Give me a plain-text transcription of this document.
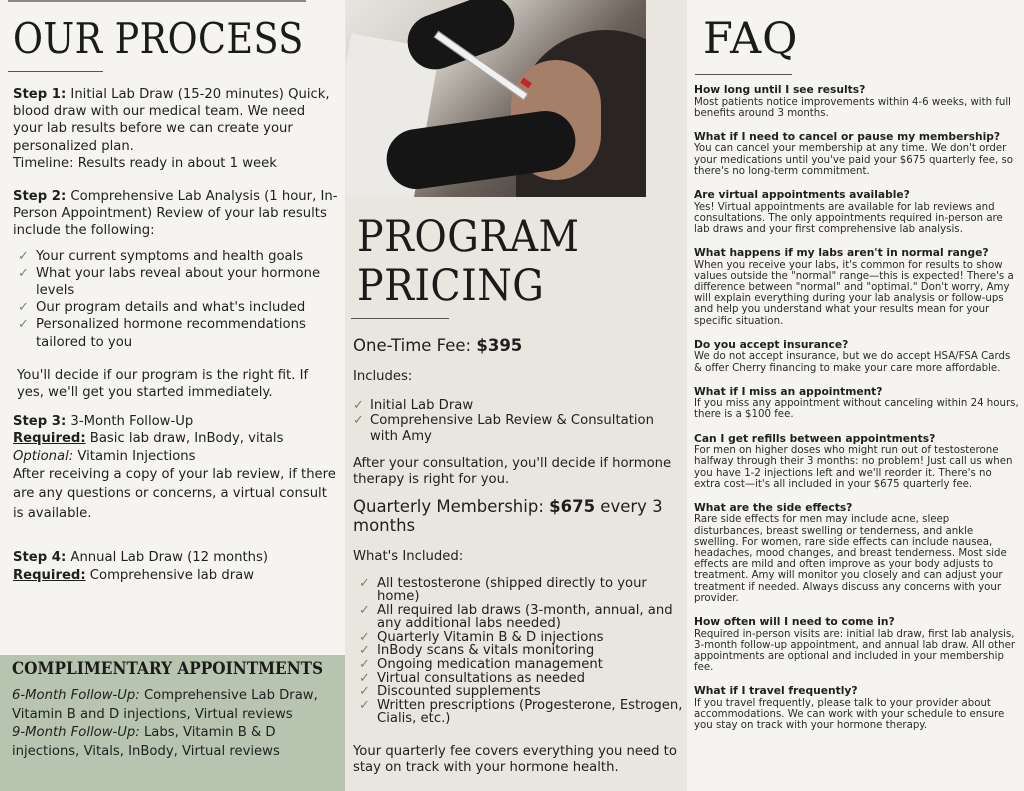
OUR PROCESS

Step 1: Initial Lab Draw (15-20 minutes) Quick, blood draw with our medical team. We need your lab results before we can create your personalized plan.

Timeline: Results ready in about 1 week

Step 2: Comprehensive Lab Analysis (1 hour, In-Person Appointment) Review of your lab results include the following:

✓ Your current symptoms and health goals
✓ What your labs reveal about your hormone levels
✓ Our program details and what's included
✓ Personalized hormone recommendations tailored to you

You'll decide if our program is the right fit. If yes, we'll get you started immediately.

Step 3: 3-Month Follow-Up

Required: Basic lab draw, InBody, vitals

Optional: Vitamin Injections

After receiving a copy of your lab review, if there are any questions or concerns, a virtual consult is available.

Step 4: Annual Lab Draw (12 months)

Required: Comprehensive lab draw

COMPLIMENTARY APPOINTMENTS

6-Month Follow-Up: Comprehensive Lab Draw, Vitamin B and D injections, Virtual reviews

9-Month Follow-Up: Labs, Vitamin B & D injections, Vitals, InBody, Virtual reviews

PROGRAM
PRICING

One-Time Fee: $395

Includes:

✓ Initial Lab Draw
✓ Comprehensive Lab Review & Consultation with Amy

After your consultation, you'll decide if hormone therapy is right for you.

Quarterly Membership: $675 every 3 months

What's Included:

✓ All testosterone (shipped directly to your home)
✓ All required lab draws (3-month, annual, and any additional labs needed)
✓ Quarterly Vitamin B & D injections
✓ InBody scans & vitals monitoring
✓ Ongoing medication management
✓ Virtual consultations as needed
✓ Discounted supplements
✓ Written prescriptions (Progesterone, Estrogen, Cialis, etc.)

Your quarterly fee covers everything you need to stay on track with your hormone health.

FAQ

How long until I see results?

Most patients notice improvements within 4-6 weeks, with full benefits around 3 months.

What if I need to cancel or pause my membership?

You can cancel your membership at any time. We don't order your medications until you've paid your $675 quarterly fee, so there's no long-term commitment.

Are virtual appointments available?

Yes! Virtual appointments are available for lab reviews and consultations. The only appointments required in-person are lab draws and your first comprehensive lab analysis.

What happens if my labs aren't in normal range?

When you receive your labs, it's common for results to show values outside the "normal" range—this is expected! There's a difference between "normal" and "optimal." Don't worry, Amy will explain everything during your lab analysis or follow-ups and help you understand what your results mean for your specific situation.

Do you accept insurance?

We do not accept insurance, but we do accept HSA/FSA Cards & offer Cherry financing to make your care more affordable.

What if I miss an appointment?

If you miss any appointment without canceling within 24 hours, there is a $100 fee.

Can I get refills between appointments?

For men on higher doses who might run out of testosterone halfway through their 3 months: no problem! Just call us when you have 1-2 injections left and we'll reorder it. There's no extra cost—it's all included in your $675 quarterly fee.

What are the side effects?

Rare side effects for men may include acne, sleep disturbances, breast swelling or tenderness, and ankle swelling. For women, rare side effects can include nausea, headaches, mood changes, and breast tenderness. Most side effects are mild and often improve as your body adjusts to treatment. Amy will monitor you closely and can adjust your treatment if needed. Always discuss any concerns with your provider.

How often will I need to come in?

Required in-person visits are: initial lab draw, first lab analysis, 3-month follow-up appointment, and annual lab draw. All other appointments are optional and included in your membership fee.

What if I travel frequently?

If you travel frequently, please talk to your provider about accommodations. We can work with your schedule to ensure you stay on track with your hormone therapy.
